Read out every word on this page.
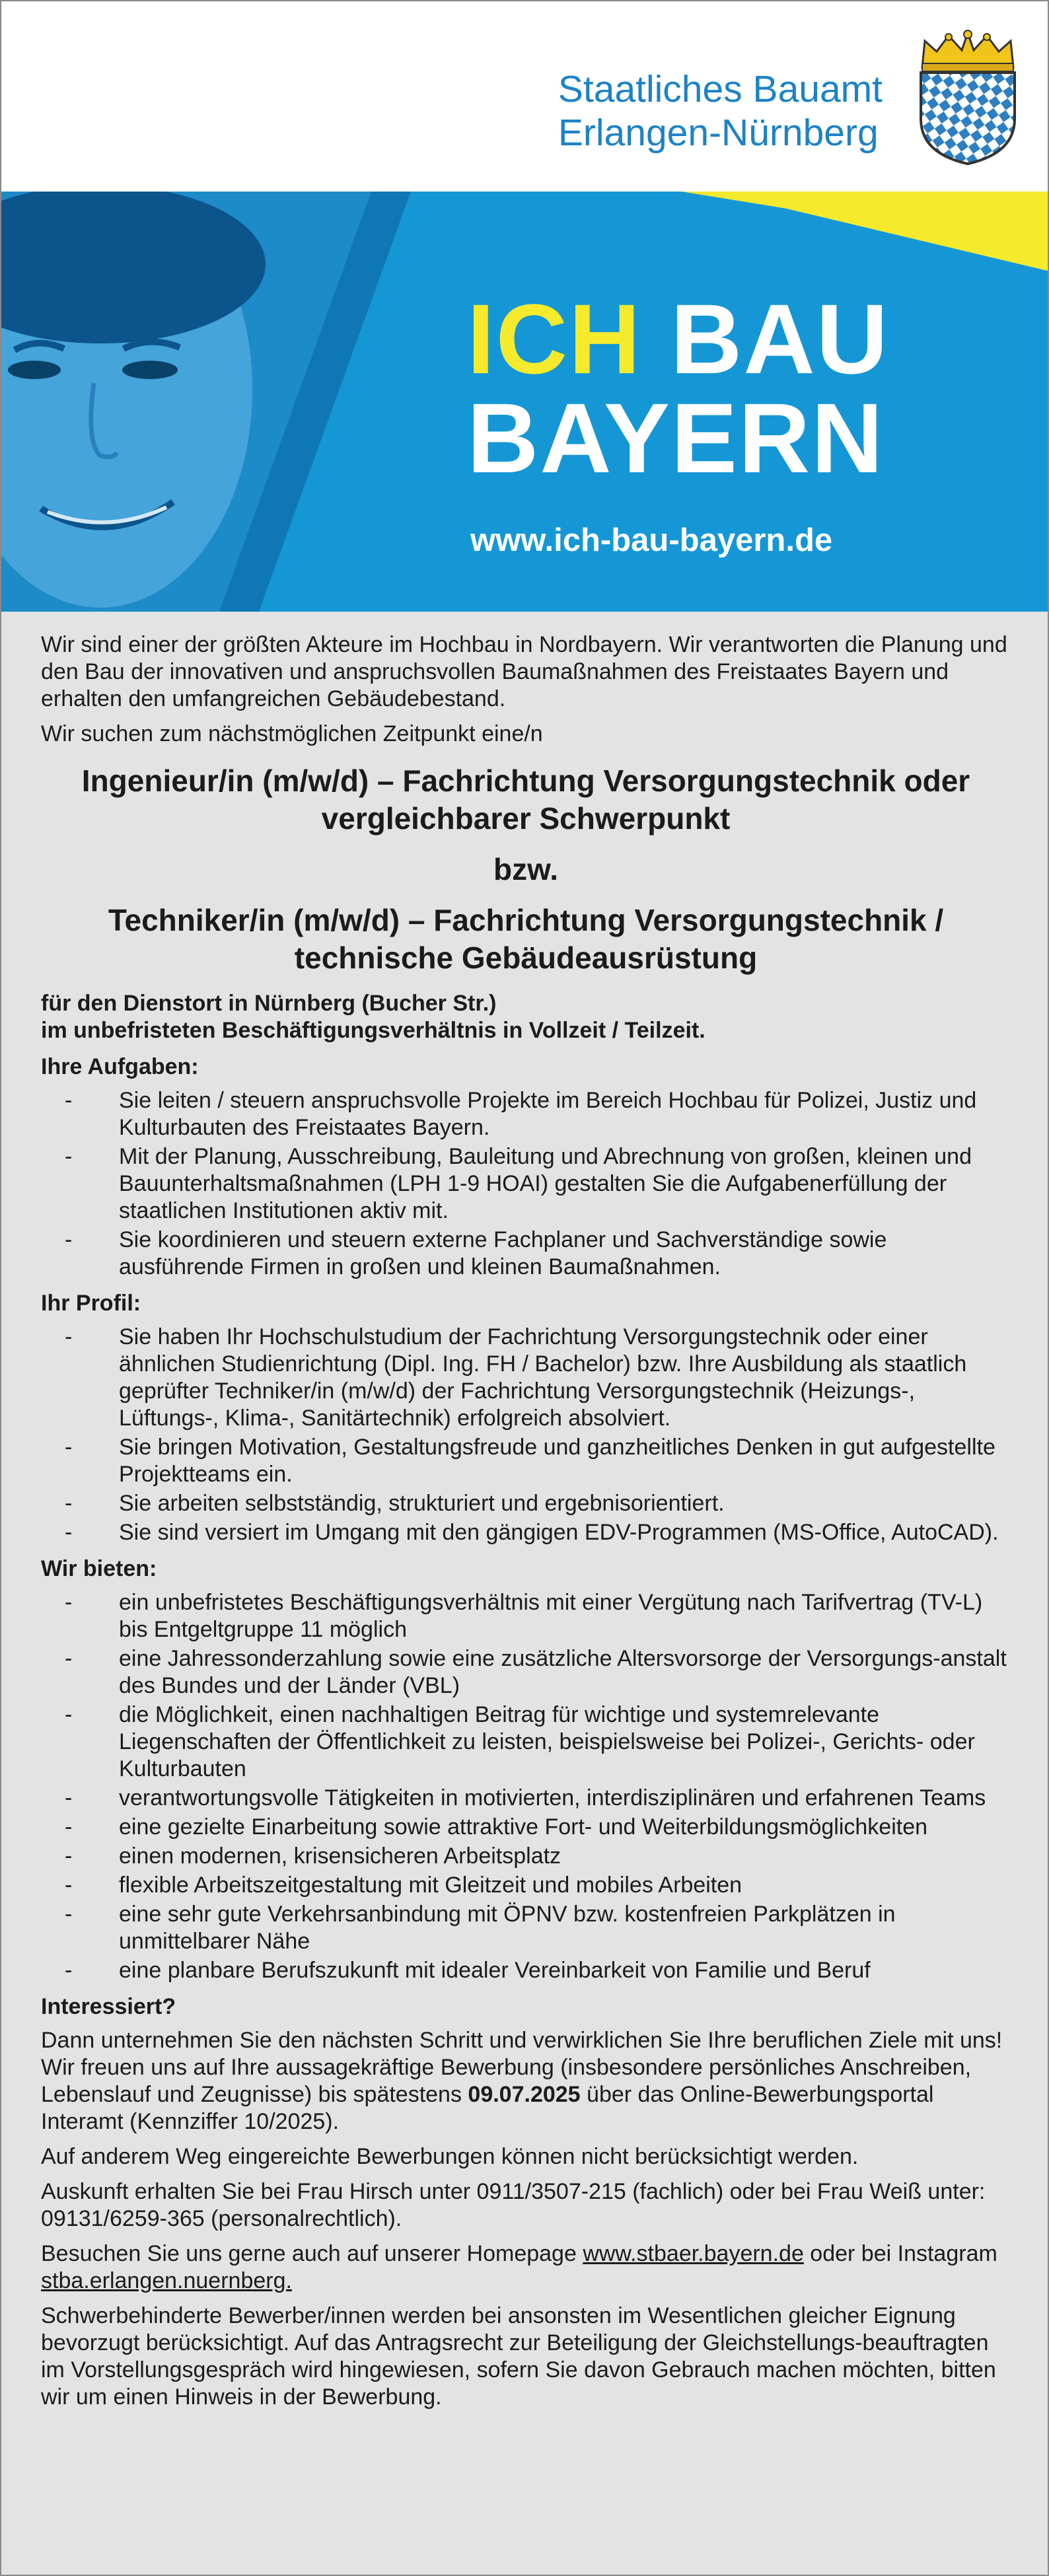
Staatliches Bauamt
Erlangen-Nürnberg
ICH BAU
BAYERN
www.ich-bau-bayern.de

Wir sind einer der größten Akteure im Hochbau in Nordbayern. Wir verantworten die Planung und den Bau der innovativen und anspruchsvollen Baumaßnahmen des Freistaates Bayern und erhalten den umfangreichen Gebäudebestand.

Wir suchen zum nächstmöglichen Zeitpunkt eine/n

Ingenieur/in (m/w/d) – Fachrichtung Versorgungstechnik oder vergleichbarer Schwerpunkt
bzw.
Techniker/in (m/w/d) – Fachrichtung Versorgungstechnik / technische Gebäudeausrüstung
für den Dienstort in Nürnberg (Bucher Str.)
im unbefristeten Beschäftigungsverhältnis in Vollzeit / Teilzeit.
Ihre Aufgaben:
- Sie leiten / steuern anspruchsvolle Projekte im Bereich Hochbau für Polizei, Justiz und Kulturbauten des Freistaates Bayern.
- Mit der Planung, Ausschreibung, Bauleitung und Abrechnung von großen, kleinen und Bauunterhaltsmaßnahmen (LPH 1-9 HOAI) gestalten Sie die Aufgabenerfüllung der staatlichen Institutionen aktiv mit.
- Sie koordinieren und steuern externe Fachplaner und Sachverständige sowie ausführende Firmen in großen und kleinen Baumaßnahmen.
Ihr Profil:
- Sie haben Ihr Hochschulstudium der Fachrichtung Versorgungstechnik oder einer ähnlichen Studienrichtung (Dipl. Ing. FH / Bachelor) bzw. Ihre Ausbildung als staatlich geprüfter Techniker/in (m/w/d) der Fachrichtung Versorgungstechnik (Heizungs-, Lüftungs-, Klima-, Sanitärtechnik) erfolgreich absolviert.
- Sie bringen Motivation, Gestaltungsfreude und ganzheitliches Denken in gut aufgestellte Projektteams ein.
- Sie arbeiten selbstständig, strukturiert und ergebnisorientiert.
- Sie sind versiert im Umgang mit den gängigen EDV-Programmen (MS-Office, AutoCAD).
Wir bieten:
- ein unbefristetes Beschäftigungsverhältnis mit einer Vergütung nach Tarifvertrag (TV-L) bis Entgeltgruppe 11 möglich
- eine Jahressonderzahlung sowie eine zusätzliche Altersvorsorge der Versorgungs-anstalt des Bundes und der Länder (VBL)
- die Möglichkeit, einen nachhaltigen Beitrag für wichtige und systemrelevante Liegenschaften der Öffentlichkeit zu leisten, beispielsweise bei Polizei-, Gerichts- oder Kulturbauten
- verantwortungsvolle Tätigkeiten in motivierten, interdisziplinären und erfahrenen Teams
- eine gezielte Einarbeitung sowie attraktive Fort- und Weiterbildungsmöglichkeiten
- einen modernen, krisensicheren Arbeitsplatz
- flexible Arbeitszeitgestaltung mit Gleitzeit und mobiles Arbeiten
- eine sehr gute Verkehrsanbindung mit ÖPNV bzw. kostenfreien Parkplätzen in unmittelbarer Nähe
- eine planbare Berufszukunft mit idealer Vereinbarkeit von Familie und Beruf
Interessiert?

Dann unternehmen Sie den nächsten Schritt und verwirklichen Sie Ihre beruflichen Ziele mit uns! Wir freuen uns auf Ihre aussagekräftige Bewerbung (insbesondere persönliches Anschreiben, Lebenslauf und Zeugnisse) bis spätestens 09.07.2025 über das Online-Bewerbungsportal Interamt (Kennziffer 10/2025).

Auf anderem Weg eingereichte Bewerbungen können nicht berücksichtigt werden.

Auskunft erhalten Sie bei Frau Hirsch unter 0911/3507-215 (fachlich) oder bei Frau Weiß unter: 09131/6259-365 (personalrechtlich).

Besuchen Sie uns gerne auch auf unserer Homepage www.stbaer.bayern.de oder bei Instagram stba.erlangen.nuernberg.

Schwerbehinderte Bewerber/innen werden bei ansonsten im Wesentlichen gleicher Eignung bevorzugt berücksichtigt. Auf das Antragsrecht zur Beteiligung der Gleichstellungs-beauftragten im Vorstellungsgespräch wird hingewiesen, sofern Sie davon Gebrauch machen möchten, bitten wir um einen Hinweis in der Bewerbung.
